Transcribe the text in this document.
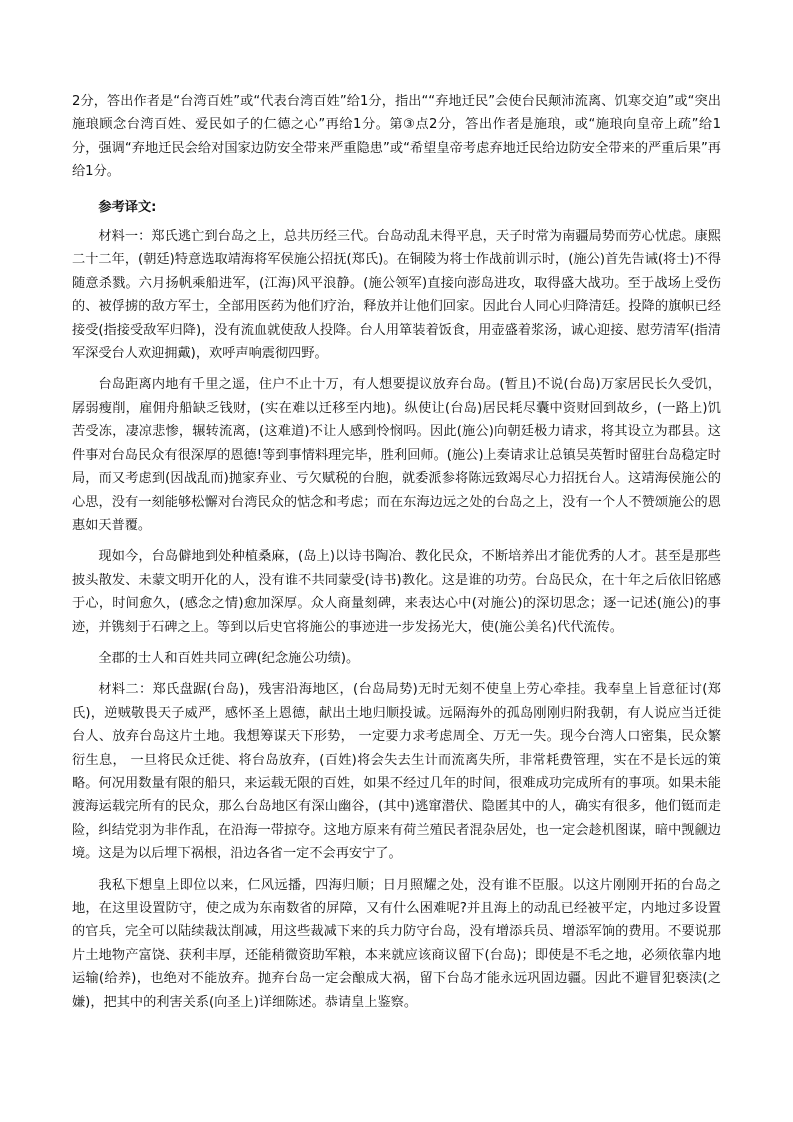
2分，答出作者是“台湾百姓”或“代表台湾百姓”给1分，指出““弃地迁民”会使台民颠沛流离、饥寒交迫”或“突出施琅顾念台湾百姓、爱民如子的仁德之心”再给1分。第③点2分，答出作者是施琅，或“施琅向皇帝上疏”给1分，强调“弃地迁民会给对国家边防安全带来严重隐患”或“希望皇帝考虑弃地迁民给边防安全带来的严重后果”再给1分。

参考译文:

材料一：郑氏逃亡到台岛之上，总共历经三代。台岛动乱未得平息，天子时常为南疆局势而劳心忧虑。康熙二十二年，(朝廷)特意选取靖海将军侯施公招抚(郑氏)。在铜陵为将士作战前训示时，(施公)首先告诫(将士)不得随意杀戮。六月扬帆乘船进军，(江海)风平浪静。(施公领军)直接向澎岛进攻，取得盛大战功。至于战场上受伤的、被俘掳的敌方军士，全部用医药为他们疗治，释放并让他们回家。因此台人同心归降清廷。投降的旗帜已经接受(指接受敌军归降)，没有流血就使敌人投降。台人用箪装着饭食，用壶盛着浆汤，诚心迎接、慰劳清军(指清军深受台人欢迎拥戴)，欢呼声响震彻四野。

台岛距离内地有千里之遥，住户不止十万，有人想要提议放弃台岛。(暂且)不说(台岛)万家居民长久受饥，孱弱瘦削，雇佣舟船缺乏钱财，(实在难以迁移至内地)。纵使让(台岛)居民耗尽囊中资财回到故乡，(一路上)饥苦受冻，凄凉悲惨，辗转流离，(这难道)不让人感到怜悯吗。因此(施公)向朝廷极力请求，将其设立为郡县。这件事对台岛民众有很深厚的恩德!等到事情料理完毕，胜利回师。(施公)上奏请求让总镇吴英暂时留驻台岛稳定时局，而又考虑到(因战乱而)抛家弃业、亏欠赋税的台胞，就委派参将陈远致竭尽心力招抚台人。这靖海侯施公的心思，没有一刻能够松懈对台湾民众的惦念和考虑；而在东海边远之处的台岛之上，没有一个人不赞颂施公的恩惠如天普覆。

现如今，台岛僻地到处种植桑麻，(岛上)以诗书陶冶、教化民众，不断培养出才能优秀的人才。甚至是那些披头散发、未蒙文明开化的人，没有谁不共同蒙受(诗书)教化。这是谁的功劳。台岛民众，在十年之后依旧铭感于心，时间愈久，(感念之情)愈加深厚。众人商量刻碑，来表达心中(对施公)的深切思念；逐一记述(施公)的事迹，并镌刻于石碑之上。等到以后史官将施公的事迹进一步发扬光大，使(施公美名)代代流传。

全郡的士人和百姓共同立碑(纪念施公功绩)。

材料二：郑氏盘踞(台岛)，残害沿海地区，(台岛局势)无时无刻不使皇上劳心牵挂。我奉皇上旨意征讨(郑氏)，逆贼敬畏天子威严，感怀圣上恩德，献出土地归顺投诚。远隔海外的孤岛刚刚归附我朝，有人说应当迁徙台人、放弃台岛这片土地。我想筹谋天下形势， 一定要力求考虑周全、万无一失。现今台湾人口密集，民众繁衍生息， 一旦将民众迁徙、将台岛放弃，(百姓)将会失去生计而流离失所，非常耗费管理，实在不是长远的策略。何况用数量有限的船只，来运载无限的百姓，如果不经过几年的时间，很难成功完成所有的事项。如果未能渡海运载完所有的民众，那么台岛地区有深山幽谷，(其中)逃窜潜伏、隐匿其中的人，确实有很多，他们铤而走险，纠结党羽为非作乱，在沿海一带掠夺。这地方原来有荷兰殖民者混杂居处，也一定会趁机图谋，暗中觊觎边境。这是为以后埋下祸根，沿边各省一定不会再安宁了。

我私下想皇上即位以来，仁风远播，四海归顺；日月照耀之处，没有谁不臣服。以这片刚刚开拓的台岛之地，在这里设置防守，使之成为东南数省的屏障，又有什么困难呢?并且海上的动乱已经被平定，内地过多设置的官兵，完全可以陆续裁汰削减，用这些裁减下来的兵力防守台岛，没有增添兵员、增添军饷的费用。不要说那片土地物产富饶、获利丰厚，还能稍微资助军粮，本来就应该商议留下(台岛)；即使是不毛之地，必须依靠内地运输(给养)，也绝对不能放弃。抛弃台岛一定会酿成大祸，留下台岛才能永远巩固边疆。因此不避冒犯亵渎(之嫌)，把其中的利害关系(向圣上)详细陈述。恭请皇上鉴察。
